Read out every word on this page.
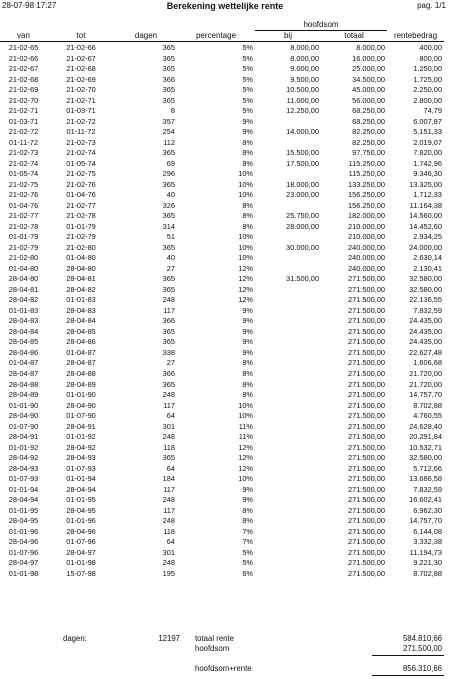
Berekening wettelijke rente
28-07-98 17:27	pag. 1/1
				hoofdsom		
van	tot	dagen	percentage	bij	totaal	rentebedrag
21-02-65	21-02-66	365	5%	8.000,00	8.000,00	400,00
21-02-66	21-02-67	365	5%	8.000,00	16.000,00	800,00
21-02-67	21-02-68	365	5%	9.000,00	25.000,00	1.250,00
21-02-68	21-02-69	366	5%	9.500,00	34.500,00	1.725,00
21-02-69	21-02-70	365	5%	10.500,00	45.000,00	2.250,00
21-02-70	21-02-71	365	5%	11.000,00	56.000,00	2.800,00
21-02-71	01-03-71	8	5%	12.250,00	68.250,00	74,79
01-03-71	21-02-72	357	9%		68.250,00	6.007,87
21-02-72	01-11-72	254	9%	14.000,00	82.250,00	5.151,33
01-11-72	21-02-73	112	8%		82.250,00	2.019,07
21-02-73	21-02-74	365	8%	15.500,00	97.750,00	7.820,00
21-02-74	01-05-74	69	8%	17.500,00	115.250,00	1.742,96
01-05-74	21-02-75	296	10%		115.250,00	9.346,30
21-02-75	21-02-76	365	10%	18.000,00	133.250,00	13.325,00
21-02-76	01-04-76	40	10%	23.000,00	156.250,00	1.712,33
01-04-76	21-02-77	326	8%		156.250,00	11.164,38
21-02-77	21-02-78	365	8%	25.750,00	182.000,00	14.560,00
21-02-78	01-01-79	314	8%	28.000,00	210.000,00	14.452,60
01-01-79	21-02-79	51	10%		210.000,00	2.934,25
21-02-79	21-02-80	365	10%	30.000,00	240.000,00	24.000,00
21-02-80	01-04-80	40	10%		240.000,00	2.630,14
01-04-80	28-04-80	27	12%		240.000,00	2.130,41
28-04-80	28-04-81	365	12%	31.500,00	271.500,00	32.580,00
28-04-81	28-04-82	365	12%		271.500,00	32.580,00
28-04-82	01-01-83	248	12%		271.500,00	22.136,55
01-01-83	28-04-83	117	9%		271.500,00	7.832,59
28-04-83	28-04-84	366	9%		271.500,00	24.435,00
28-04-84	28-04-85	365	9%		271.500,00	24.435,00
28-04-85	28-04-86	365	9%		271.500,00	24.435,00
28-04-86	01-04-87	338	9%		271.500,00	22.627,48
01-04-87	28-04-87	27	8%		271.500,00	1.606,68
28-04-87	28-04-88	366	8%		271.500,00	21.720,00
28-04-88	28-04-89	365	8%		271.500,00	21.720,00
28-04-89	01-01-90	248	8%		271.500,00	14.757,70
01-01-90	28-04-90	117	10%		271.500,00	8.702,88
28-04-90	01-07-90	64	10%		271.500,00	4.760,55
01-07-90	28-04-91	301	11%		271.500,00	24.628,40
28-04-91	01-01-92	248	11%		271.500,00	20.291,84
01-01-92	28-04-92	118	12%		271.500,00	10.532,71
28-04-92	28-04-93	365	12%		271.500,00	32.580,00
28-04-93	01-07-93	64	12%		271.500,00	5.712,66
01-07-93	01-01-94	184	10%		271.500,00	13.686,58
01-01-94	28-04-94	117	9%		271.500,00	7.832,59
28-04-94	01-01-95	248	9%		271.500,00	16.602,41
01-01-95	28-04-95	117	8%		271.500,00	6.962,30
28-04-95	01-01-96	248	8%		271.500,00	14.757,70
01-01-96	28-04-96	118	7%		271.500,00	6.144,08
28-04-96	01-07-96	64	7%		271.500,00	3.332,38
01-07-96	28-04-97	301	5%		271.500,00	11.194,73
28-04-97	01-01-98	248	5%		271.500,00	9.221,30
01-01-98	15-07-98	195	6%		271.500,00	8.702,88
dagen:	12197 totaal rente	584.810,66
hoofdsom	271.500,00
hoofdsom+rente	856.310,66
